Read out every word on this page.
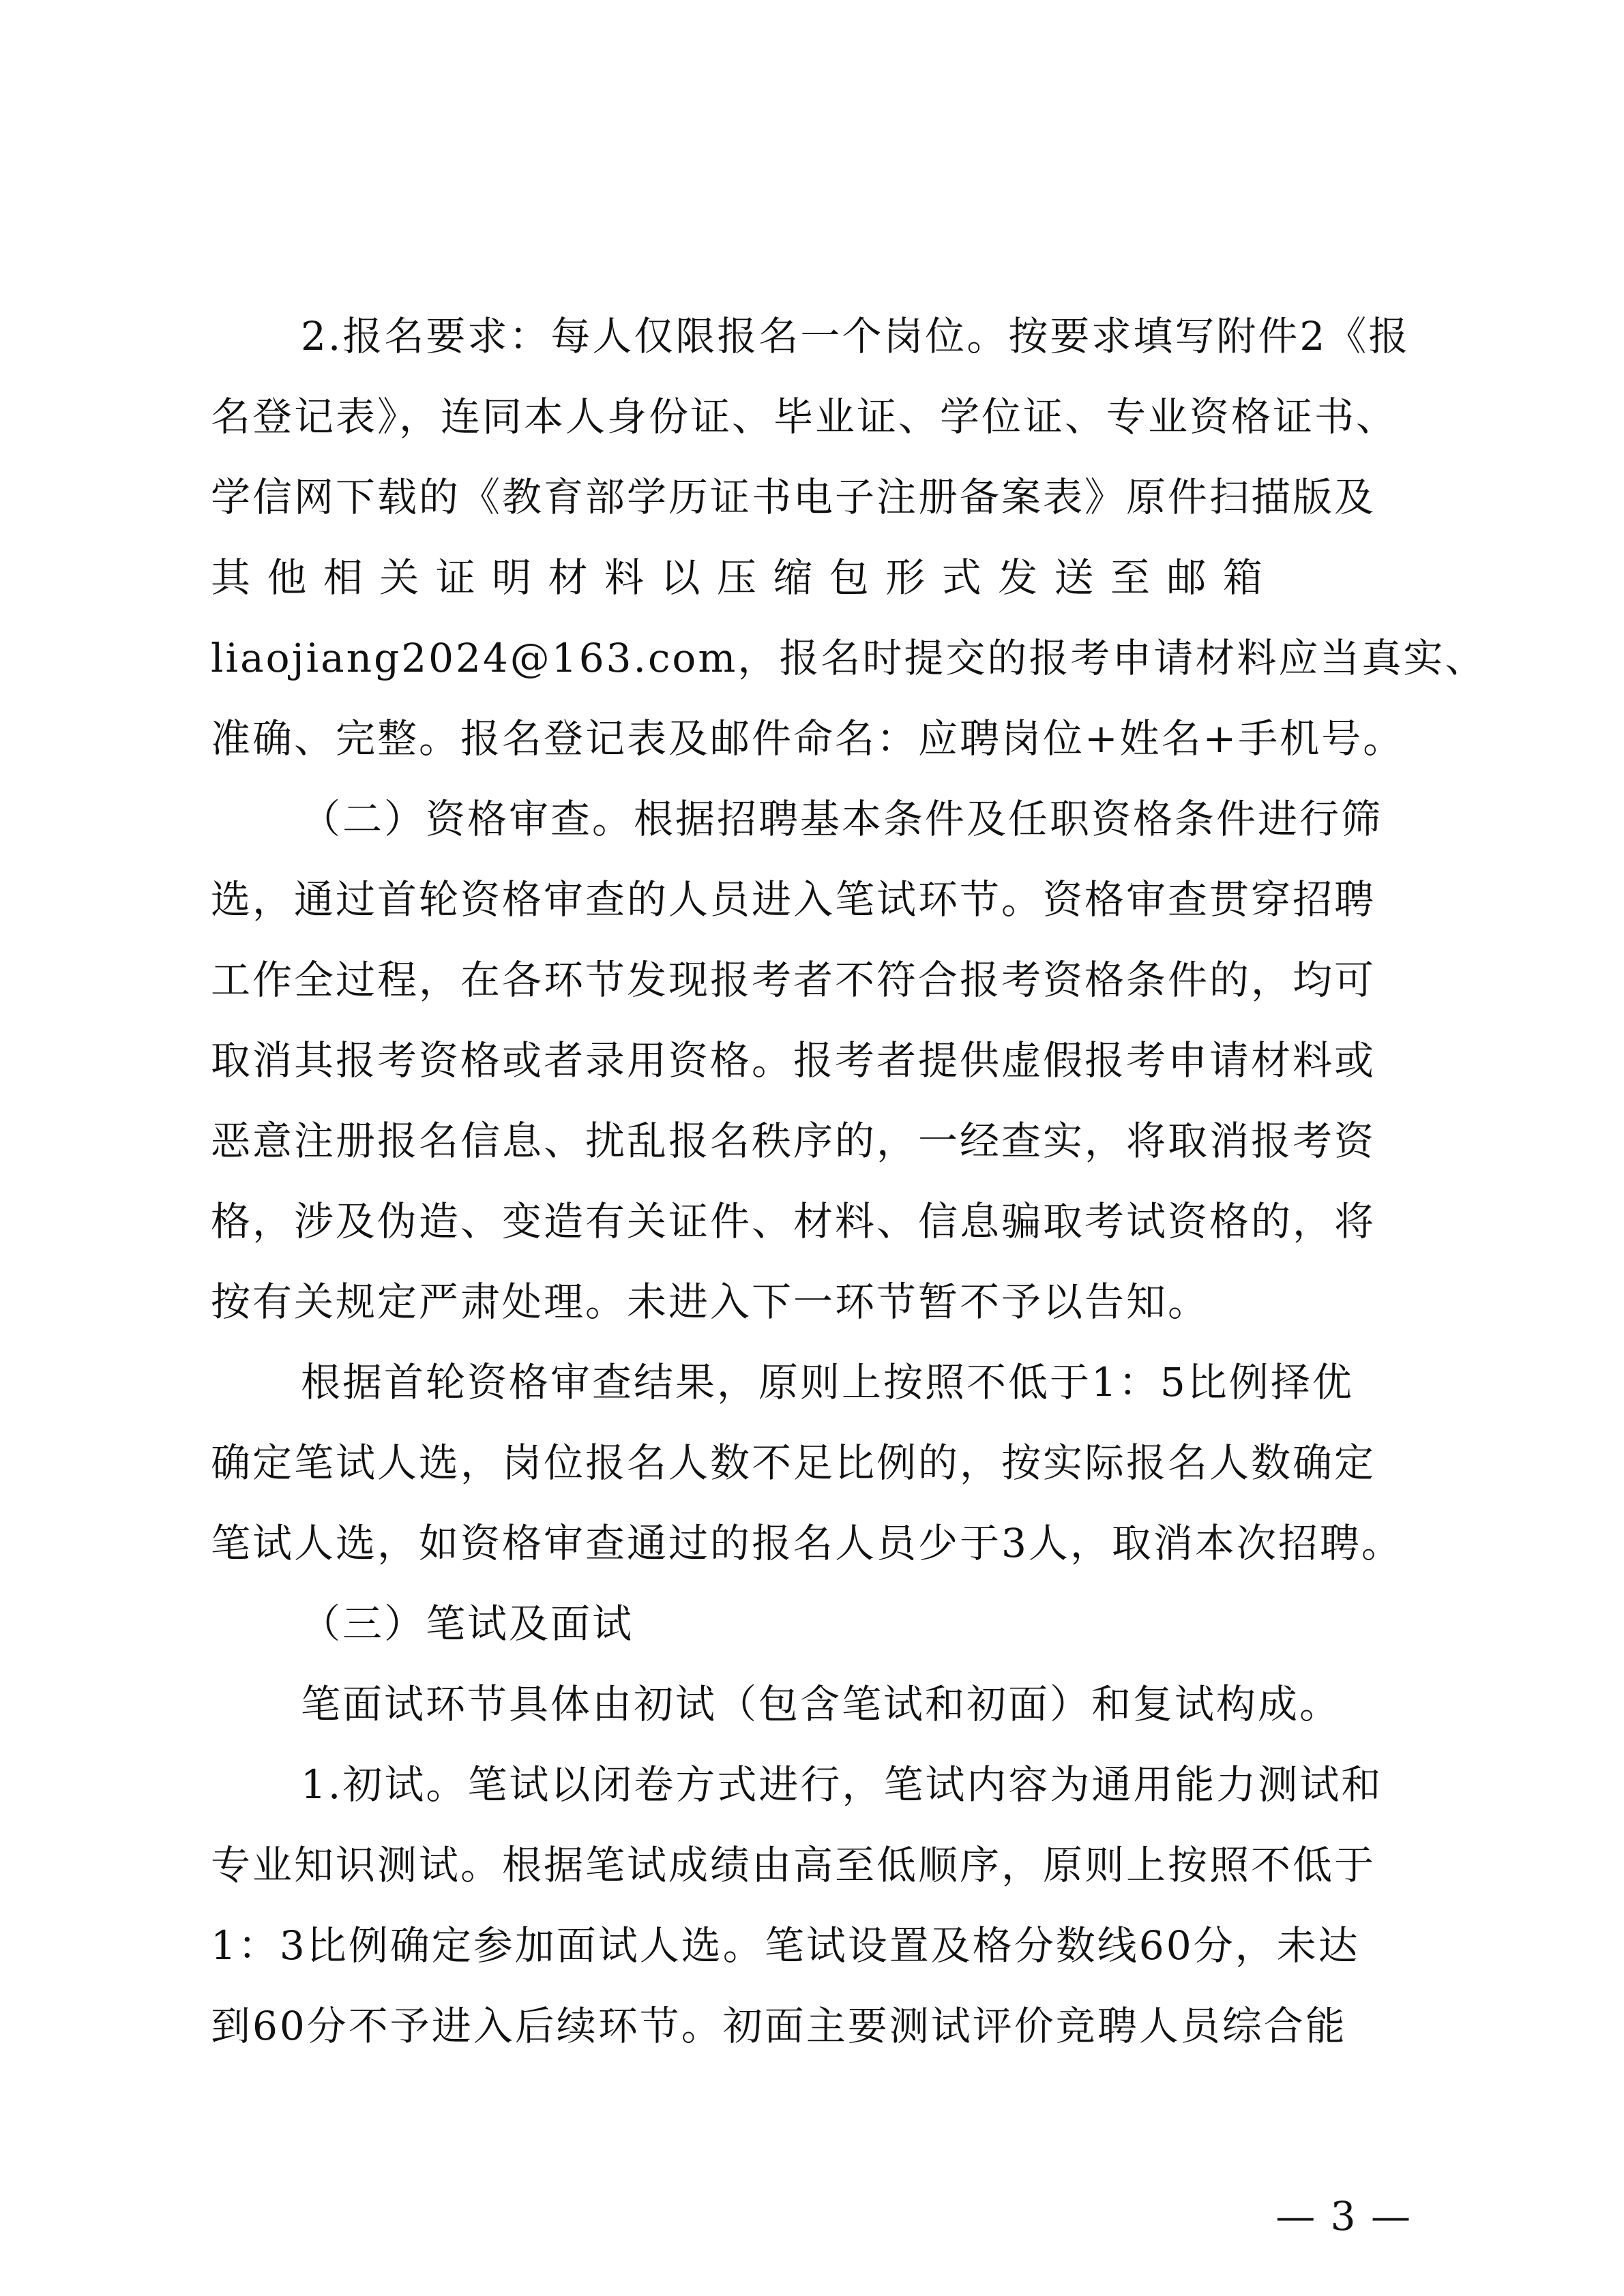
2.报名要求：每人仅限报名一个岗位。按要求填写附件2《报
名登记表》，连同本人身份证、毕业证、学位证、专业资格证书、
学信网下载的《教育部学历证书电子注册备案表》原件扫描版及
其 他 相 关 证 明 材 料 以 压 缩 包 形 式 发 送 至 邮 箱
liaojiang2024@163.com，报名时提交的报考申请材料应当真实、
准确、完整。报名登记表及邮件命名：应聘岗位+姓名+手机号。
（二）资格审查。根据招聘基本条件及任职资格条件进行筛
选，通过首轮资格审查的人员进入笔试环节。资格审查贯穿招聘
工作全过程，在各环节发现报考者不符合报考资格条件的，均可
取消其报考资格或者录用资格。报考者提供虚假报考申请材料或
恶意注册报名信息、扰乱报名秩序的，一经查实，将取消报考资
格，涉及伪造、变造有关证件、材料、信息骗取考试资格的，将
按有关规定严肃处理。未进入下一环节暂不予以告知。
根据首轮资格审查结果，原则上按照不低于1：5比例择优
确定笔试人选，岗位报名人数不足比例的，按实际报名人数确定
笔试人选，如资格审查通过的报名人员少于3人，取消本次招聘。
（三）笔试及面试
笔面试环节具体由初试（包含笔试和初面）和复试构成。
1.初试。笔试以闭卷方式进行，笔试内容为通用能力测试和
专业知识测试。根据笔试成绩由高至低顺序，原则上按照不低于
1：3比例确定参加面试人选。笔试设置及格分数线60分，未达
到60分不予进入后续环节。初面主要测试评价竞聘人员综合能
— 3 —
